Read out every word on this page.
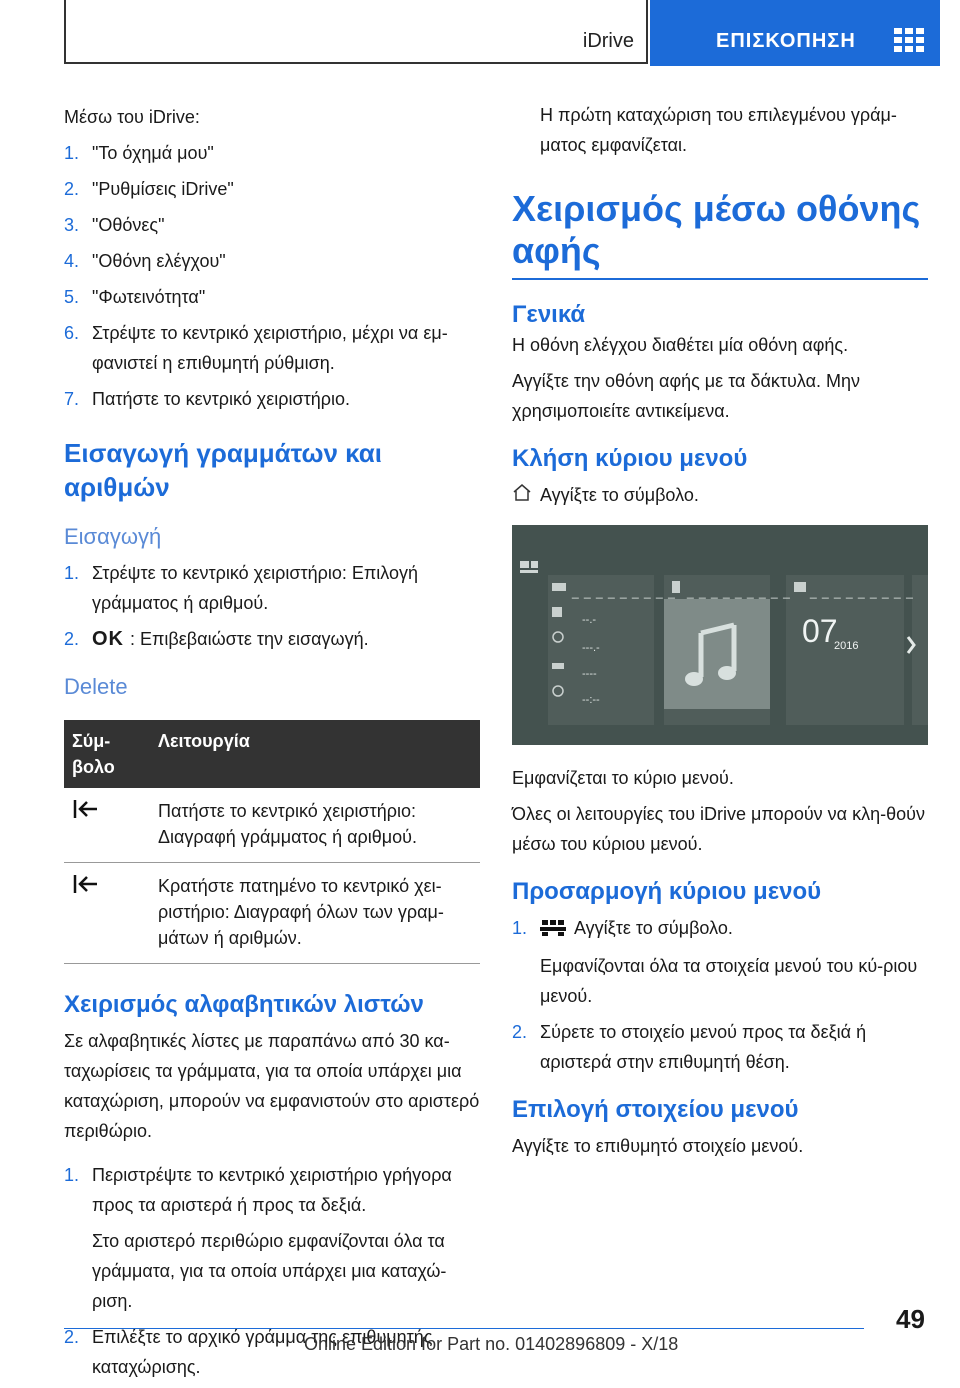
iDrive	ΕΠΙΣΚΟΠΗΣΗ

Μέσω του iDrive:

1. "Το όχημά μου"
2. "Ρυθμίσεις iDrive"
3. "Οθόνες"
4. "Οθόνη ελέγχου"
5. "Φωτεινότητα"
6. Στρέψτε το κεντρικό χειριστήριο, μέχρι να εμ-φανιστεί η επιθυμητή ρύθμιση.
7. Πατήστε το κεντρικό χειριστήριο.
Εισαγωγή γραμμάτων και αριθμών
Εισαγωγή
1. Στρέψτε το κεντρικό χειριστήριο: Επιλογή γράμματος ή αριθμού.
2. OK : Επιβεβαιώστε την εισαγωγή.
Delete
Σύμ-βολο	Λειτουργία
	Πατήστε το κεντρικό χειριστήριο: Διαγραφή γράμματος ή αριθμού.
	Κρατήστε πατημένο το κεντρικό χει-ριστήριο: Διαγραφή όλων των γραμ-μάτων ή αριθμών.
Χειρισμός αλφαβητικών λιστών

Σε αλφαβητικές λίστες με παραπάνω από 30 κα-ταχωρίσεις τα γράμματα, για τα οποία υπάρχει μια καταχώριση, μπορούν να εμφανιστούν στο αριστερό περιθώριο.

1. Περιστρέψτε το κεντρικό χειριστήριο γρήγορα προς τα αριστερά ή προς τα δεξιά.
Στο αριστερό περιθώριο εμφανίζονται όλα τα γράμματα, για τα οποία υπάρχει μια καταχώ-ριση.
2. Επιλέξτε το αρχικό γράμμα της επιθυμητής καταχώρισης.

Η πρώτη καταχώριση του επιλεγμένου γράμ-ματος εμφανίζεται.

Χειρισμός μέσω οθόνης αφής
Γενικά

Η οθόνη ελέγχου διαθέτει μία οθόνη αφής.

Αγγίξτε την οθόνη αφής με τα δάκτυλα. Μην χρησιμοποιείτε αντικείμενα.

Κλήση κύριου μενού

Αγγίξτε το σύμβολο.

_ _ _ _ _ _ _ _ _ _ _ _ _ _ _ _ _ _ _ _ _ _ _ _ _ _ _
--.-
---.-
----
--:--
07
2016

Εμφανίζεται το κύριο μενού.

Όλες οι λειτουργίες του iDrive μπορούν να κλη-θούν μέσω του κύριου μενού.

Προσαρμογή κύριου μενού
1.	Αγγίξτε το σύμβολο.
Εμφανίζονται όλα τα στοιχεία μενού του κύ-ριου μενού.
2. Σύρετε το στοιχείο μενού προς τα δεξιά ή αριστερά στην επιθυμητή θέση.
Επιλογή στοιχείου μενού

Αγγίξτε το επιθυμητό στοιχείο μενού.

49
Online Edition for Part no. 01402896809 - X/18
